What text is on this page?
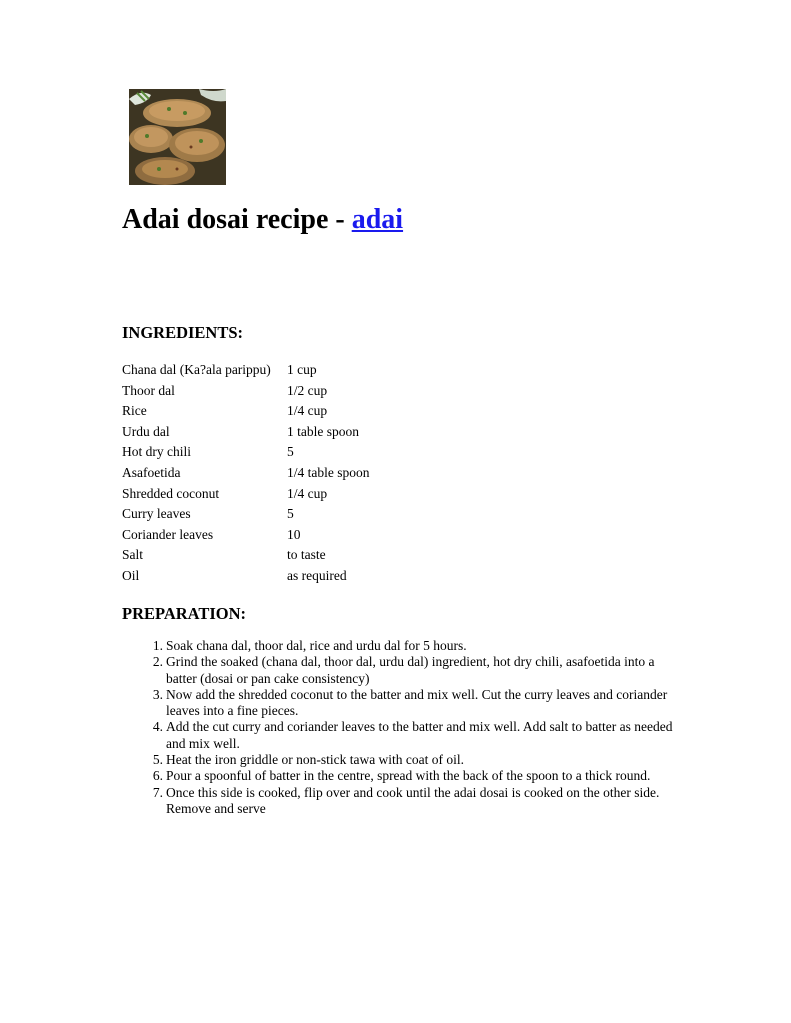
Adai dosai recipe - adai
INGREDIENTS:
Chana dal (Ka?ala parippu)	1 cup
Thoor dal	1/2 cup
Rice	1/4 cup
Urdu dal	1 table spoon
Hot dry chili	5
Asafoetida	1/4 table spoon
Shredded coconut	1/4 cup
Curry leaves	5
Coriander leaves	10
Salt	to taste
Oil	as required
PREPARATION:
1. Soak chana dal, thoor dal, rice and urdu dal for 5 hours.
2. Grind the soaked (chana dal, thoor dal, urdu dal) ingredient, hot dry chili, asafoetida into a batter (dosai or pan cake consistency)
3. Now add the shredded coconut to the batter and mix well. Cut the curry leaves and coriander leaves into a fine pieces.
4. Add the cut curry and coriander leaves to the batter and mix well. Add salt to batter as needed and mix well.
5. Heat the iron griddle or non-stick tawa with coat of oil.
6. Pour a spoonful of batter in the centre, spread with the back of the spoon to a thick round.
7. Once this side is cooked, flip over and cook until the adai dosai is cooked on the other side. Remove and serve
